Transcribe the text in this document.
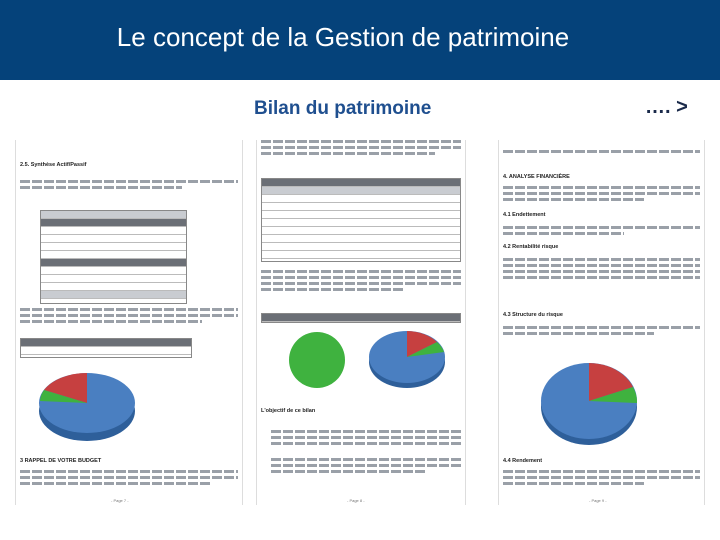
Le concept de la Gestion de patrimoine
Bilan du patrimoine	…. >
2.5. Synthèse Actif/Passif
3 RAPPEL DE VOTRE BUDGET
- Page 7 -
L'objectif de ce bilan
- Page 8 -
4. ANALYSE FINANCIÈRE
4.1 Endettement
4.2 Rentabilité risque
4.3 Structure du risque
4.4 Rendement
- Page 9 -
